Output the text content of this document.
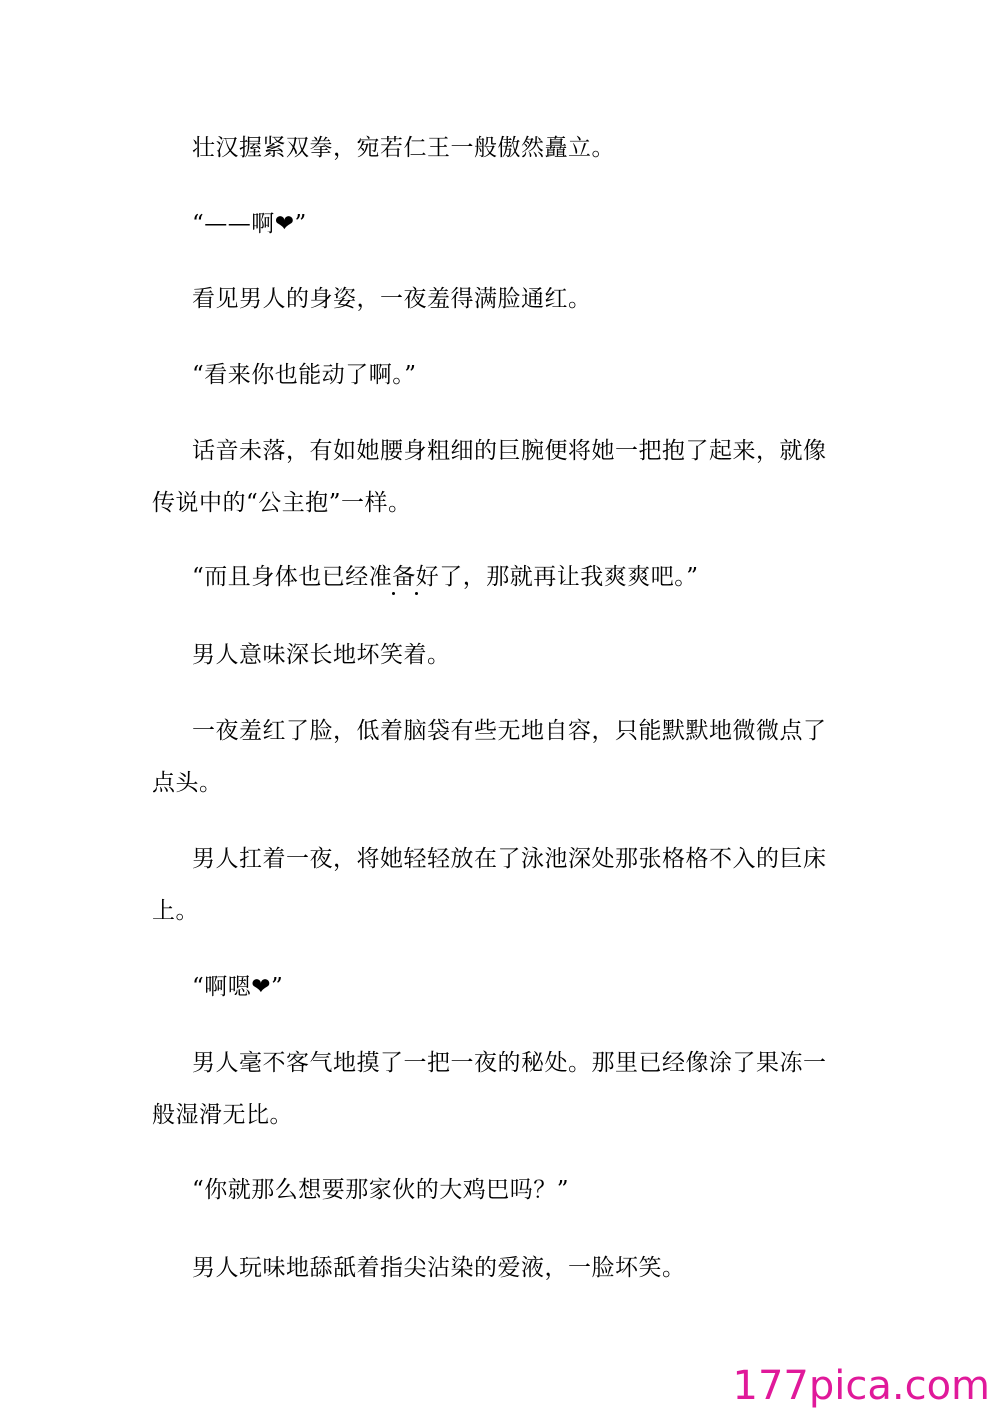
壮汉握紧双拳，宛若仁王一般傲然矗立。

“——啊❤”

看见男人的身姿，一夜羞得满脸通红。

“看来你也能动了啊。”

话音未落，有如她腰身粗细的巨腕便将她一把抱了起来，就像传说中的“公主抱”一样。

“而且身体也已经准备好了，那就再让我爽爽吧。”

男人意味深长地坏笑着。

一夜羞红了脸，低着脑袋有些无地自容，只能默默地微微点了点头。

男人扛着一夜，将她轻轻放在了泳池深处那张格格不入的巨床上。

“啊嗯❤”

男人毫不客气地摸了一把一夜的秘处。那里已经像涂了果冻一般湿滑无比。

“你就那么想要那家伙的大鸡巴吗？”

男人玩味地舔舐着指尖沾染的爱液，一脸坏笑。

177pica.com
